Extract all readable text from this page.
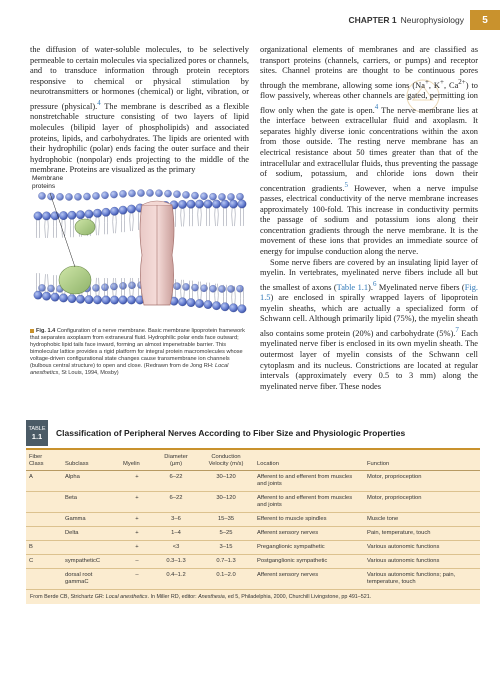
CHAPTER 1 Neurophysiology	5

the diffusion of water-soluble molecules, to be selectively permeable to certain molecules via specialized pores or channels, and to transduce information through protein receptors responsive to chemical or physical stimulation by neurotransmitters or hormones (chemical) or light, vibration, or pressure (physical).$^4$ The membrane is described as a flexible nonstretchable structure consisting of two layers of lipid molecules (bilipid layer of phospholipids) and associated proteins, lipids, and carbohydrates. The lipids are oriented with their hydrophilic (polar) ends facing the outer surface and their hydrophobic (nonpolar) ends projecting to the middle of the membrane. Proteins are visualized as the primary

Membrane
proteins
Fig. 1.4 Configuration of a nerve membrane. Basic membrane lipoprotein framework that separates axoplasm from extraneural fluid. Hydrophilic polar ends face outward; hydrophobic lipid tails face inward, forming an almost impenetrable barrier. This bimolecular lattice provides a rigid platform for integral protein macromolecules whose voltage-driven configurational state changes cause transmembrane ion channels (bulbous central structure) to open and close. (Redrawn from de Jong RH: Local anesthetics, St Louis, 1994, Mosby)

organizational elements of membranes and are classified as transport proteins (channels, carriers, or pumps) and receptor sites. Channel proteins are thought to be continuous pores through the membrane, allowing some ions (Na+, K+, $Ca^{2+}$) to flow passively, whereas other channels are gated, permitting ion flow only when the gate is open.$^4$ The nerve membrane lies at the interface between extracellular fluid and axoplasm. It separates highly diverse ionic concentrations within the axon from those outside. The resting nerve membrane has an electrical resistance about 50 times greater than that of the intracellular and extracellular fluids, thus preventing the passage of sodium, potassium, and chloride ions down their concentration gradients.$^5$ However, when a nerve impulse passes, electrical conductivity of the nerve membrane increases approximately 100-fold. This increase in conductivity permits the passage of sodium and potassium ions along their concentration gradients through the nerve membrane. It is the movement of these ions that provides an immediate source of energy for impulse conduction along the nerve.

Some nerve fibers are covered by an insulating lipid layer of myelin. In vertebrates, myelinated nerve fibers include all but the smallest of axons (Table 1.1).$^6$ Myelinated nerve fibers (Fig. 1.5) are enclosed in spirally wrapped layers of lipoprotein myelin sheaths, which are actually a specialized form of Schwann cell. Although primarily lipid (75%), the myelin sheath also contains some protein (20%) and carbohydrate (5%).$^7$ Each myelinated nerve fiber is enclosed in its own myelin sheath. The outermost layer of myelin consists of the Schwann cell cytoplasm and its nucleus. Constrictions are located at regular intervals (approximately every 0.5 to 3 mm) along the myelinated nerve fiber. These nodes

TABLE
1.1	Classification of Peripheral Nerves According to Fiber Size and Physiologic Properties
Fiber
Class	Subclass	Myelin	Diameter
(μm)	Conduction
Velocity (m/s)	Location	Function
A	Alpha	+	6–22	30–120	Afferent to and efferent from muscles and joints	Motor, proprioception
	Beta	+	6–22	30–120	Afferent to and efferent from muscles and joints	Motor, proprioception
	Gamma	+	3–6	15–35	Efferent to muscle spindles	Muscle tone
	Delta	+	1–4	5–25	Afferent sensory nerves	Pain, temperature, touch
B		+	<3	3–15	Preganglionic sympathetic	Various autonomic functions
C	sympatheticC	–	0.3–1.3	0.7–1.3	Postganglionic sympathetic	Various autonomic functions
	dorsal root gammaC	–	0.4–1.2	0.1–2.0	Afferent sensory nerves	Various autonomic functions; pain, temperature, touch
From Berde CB, Strichartz GR: Local anesthetics. In Miller RD, editor: Anesthesia, ed 5, Philadelphia, 2000, Churchill Livingstone, pp 491–521.
